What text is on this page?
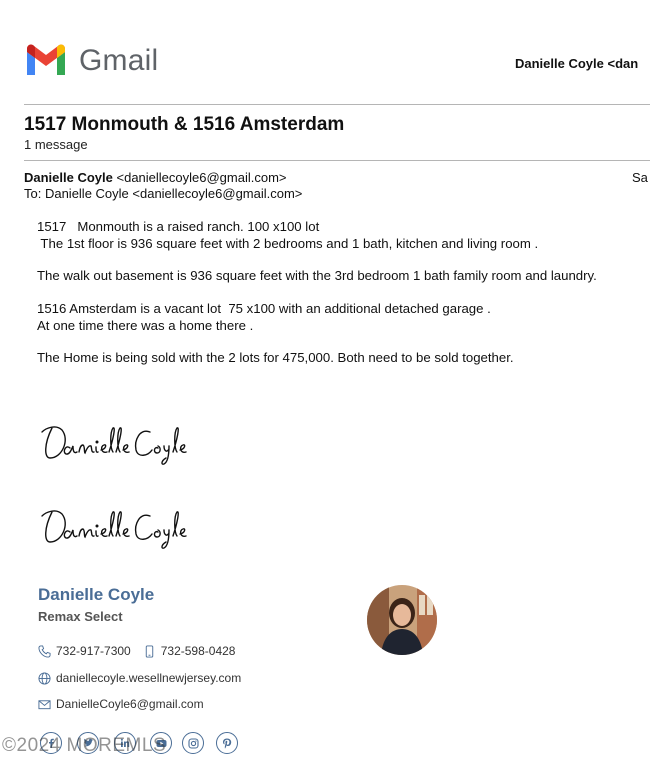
Gmail	Danielle Coyle <dan
1517 Monmouth & 1516 Amsterdam
1 message
Danielle Coyle <daniellecoyle6@gmail.com>	Sa
To: Danielle Coyle <daniellecoyle6@gmail.com>
1517   Monmouth is a raised ranch. 100 x100 lot
The 1st floor is 936 square feet with 2 bedrooms and 1 bath, kitchen and living room .
The walk out basement is 936 square feet with the 3rd bedroom 1 bath family room and laundry.
1516 Amsterdam is a vacant lot  75 x100 with an additional detached garage .
At one time there was a home there .
The Home is being sold with the 2 lots for 475,000. Both need to be sold together.
Danielle Coyle
Remax Select
732-917-7300	732-598-0428
daniellecoyle.wesellnewjersey.com
DanielleCoyle6@gmail.com
©2024 MOREMLS
